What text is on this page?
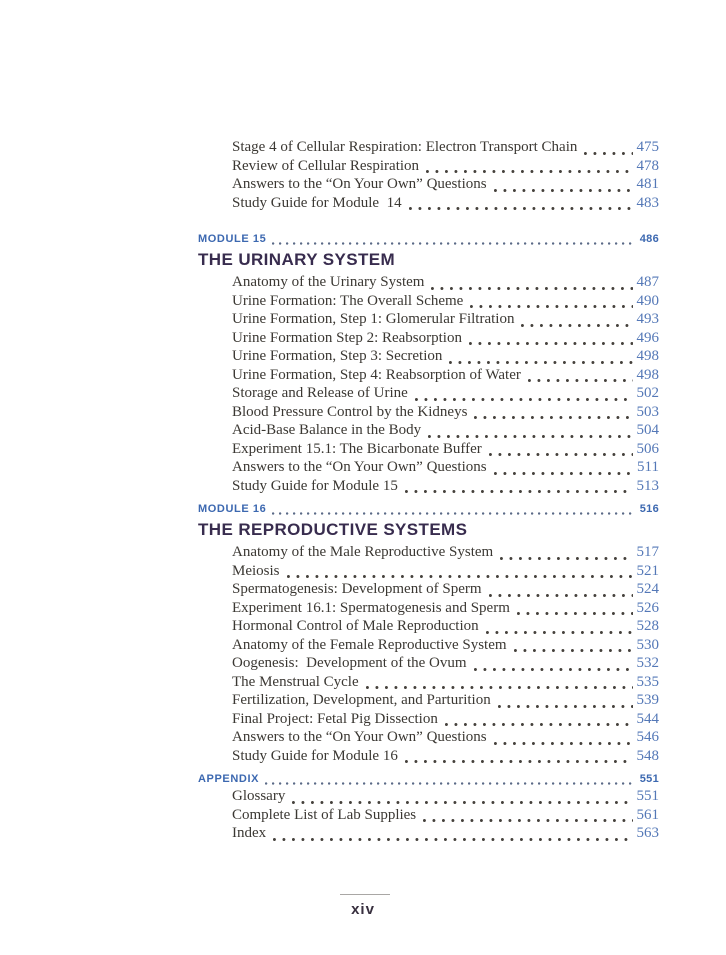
Stage 4 of Cellular Respiration: Electron Transport Chain	475
Review of Cellular Respiration	478
Answers to the “On Your Own” Questions	481
Study Guide for Module  14	483
MODULE 15	486
THE URINARY SYSTEM
Anatomy of the Urinary System	487
Urine Formation: The Overall Scheme	490
Urine Formation, Step 1: Glomerular Filtration	493
Urine Formation Step 2: Reabsorption	496
Urine Formation, Step 3: Secretion	498
Urine Formation, Step 4: Reabsorption of Water	498
Storage and Release of Urine	502
Blood Pressure Control by the Kidneys	503
Acid-Base Balance in the Body	504
Experiment 15.1: The Bicarbonate Buffer	506
Answers to the “On Your Own” Questions	511
Study Guide for Module 15	513
MODULE 16	516
THE REPRODUCTIVE SYSTEMS
Anatomy of the Male Reproductive System	517
Meiosis	521
Spermatogenesis: Development of Sperm	524
Experiment 16.1: Spermatogenesis and Sperm	526
Hormonal Control of Male Reproduction	528
Anatomy of the Female Reproductive System	530
Oogenesis:  Development of the Ovum	532
The Menstrual Cycle	535
Fertilization, Development, and Parturition	539
Final Project: Fetal Pig Dissection	544
Answers to the “On Your Own” Questions	546
Study Guide for Module 16	548
APPENDIX	551
Glossary	551
Complete List of Lab Supplies	561
Index	563
xiv
